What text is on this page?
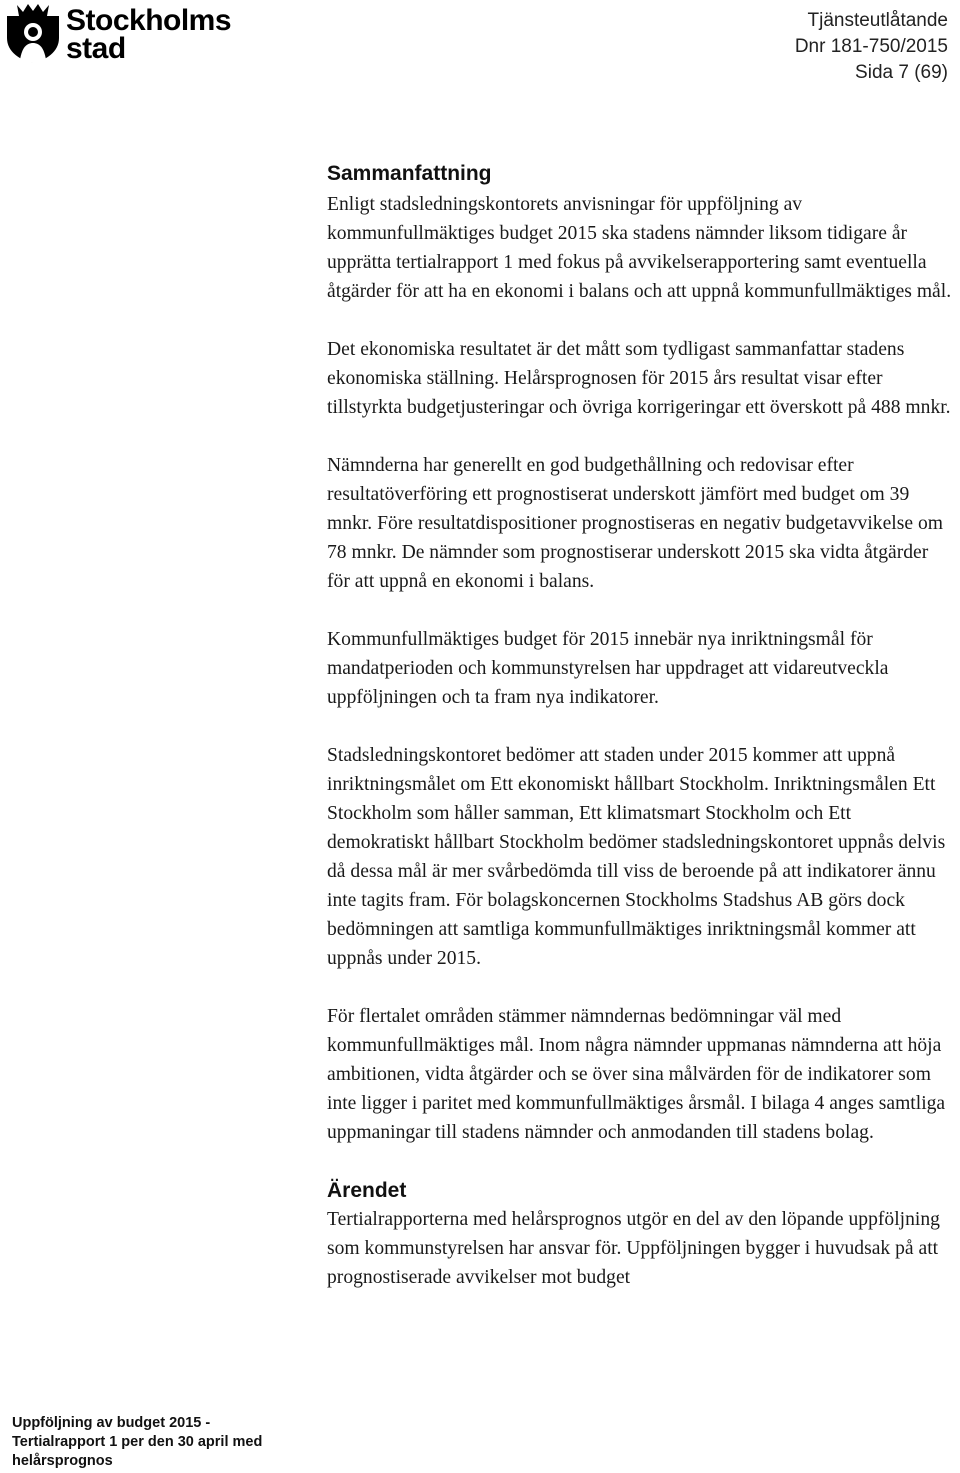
Stockholms
stad
Tjänsteutlåtande
Dnr 181-750/2015
Sida 7 (69)
Sammanfattning

Enligt stadsledningskontorets anvisningar för uppföljning av kommunfullmäktiges budget 2015 ska stadens nämnder liksom tidigare år upprätta tertialrapport 1 med fokus på avvikelserapportering samt eventuella åtgärder för att ha en ekonomi i balans och att uppnå kommunfullmäktiges mål.

Det ekonomiska resultatet är det mått som tydligast sammanfattar stadens ekonomiska ställning. Helårsprognosen för 2015 års resultat visar efter tillstyrkta budgetjusteringar och övriga korrigeringar ett överskott på 488 mnkr.

Nämnderna har generellt en god budgethållning och redovisar efter resultatöverföring ett prognostiserat underskott jämfört med budget om 39 mnkr. Före resultatdispositioner prognostiseras en negativ budgetavvikelse om 78 mnkr. De nämnder som prognostiserar underskott 2015 ska vidta åtgärder för att uppnå en ekonomi i balans.

Kommunfullmäktiges budget för 2015 innebär nya inriktningsmål för mandatperioden och kommunstyrelsen har uppdraget att vidareutveckla uppföljningen och ta fram nya indikatorer.

Stadsledningskontoret bedömer att staden under 2015 kommer att uppnå inriktningsmålet om Ett ekonomiskt hållbart Stockholm. Inriktningsmålen Ett Stockholm som håller samman, Ett klimatsmart Stockholm och Ett demokratiskt hållbart Stockholm bedömer stadsledningskontoret uppnås delvis då dessa mål är mer svårbedömda till viss de beroende på att indikatorer ännu inte tagits fram. För bolagskoncernen Stockholms Stadshus AB görs dock bedömningen att samtliga kommunfullmäktiges inriktningsmål kommer att uppnås under 2015.

För flertalet områden stämmer nämndernas bedömningar väl med kommunfullmäktiges mål. Inom några nämnder uppmanas nämnderna att höja ambitionen, vidta åtgärder och se över sina målvärden för de indikatorer som inte ligger i paritet med kommunfullmäktiges årsmål. I bilaga 4 anges samtliga uppmaningar till stadens nämnder och anmodanden till stadens bolag.

Ärendet

Tertialrapporterna med helårsprognos utgör en del av den löpande uppföljning som kommunstyrelsen har ansvar för. Uppföljningen bygger i huvudsak på att prognostiserade avvikelser mot budget

Uppföljning av budget 2015 -
Tertialrapport 1 per den 30 april med
helårsprognos
